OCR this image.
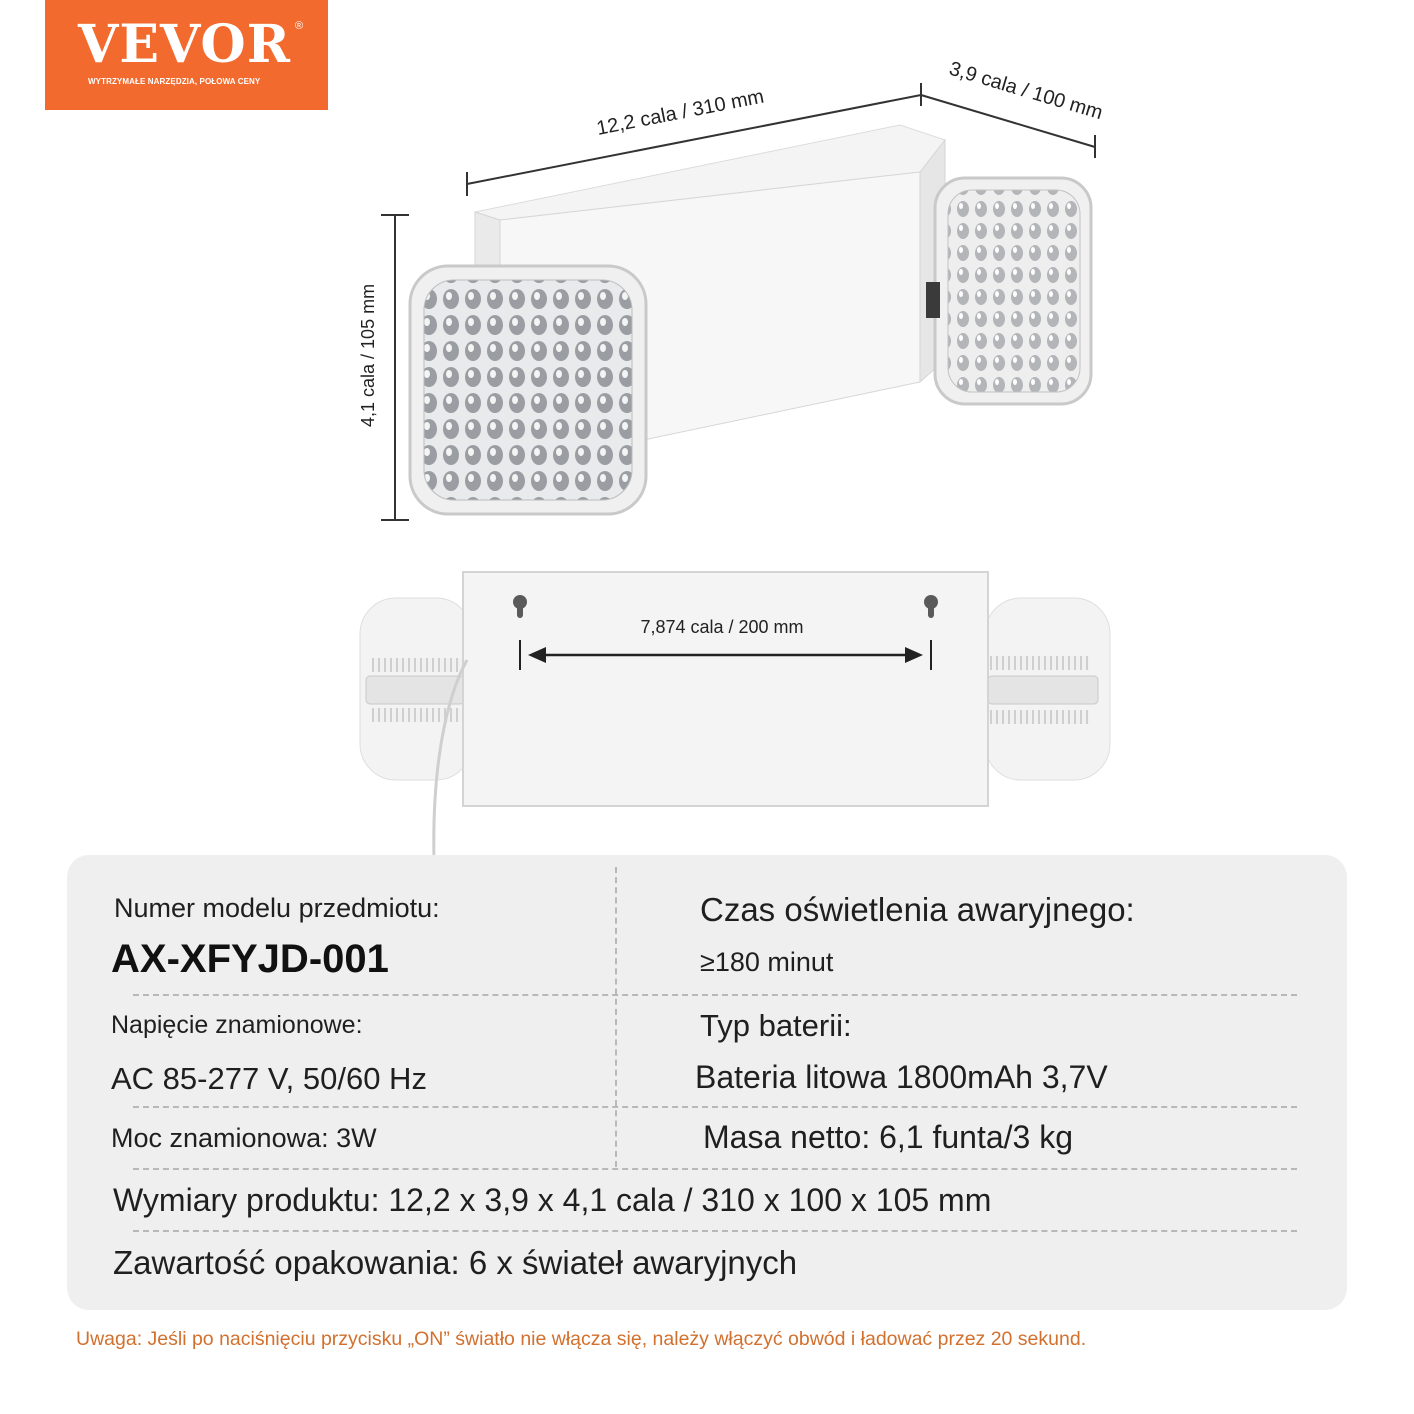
VEVOR ®
WYTRZYMAŁE NARZĘDZIA, POŁOWA CENY
12,2 cala / 310 mm	3,9 cala / 100 mm
4,1 cala / 105 mm
7,874 cala / 200 mm
Numer modelu przedmiotu:
AX-XFYJD-001
Czas oświetlenia awaryjnego:
≥180 minut
Napięcie znamionowe:
AC 85-277 V, 50/60 Hz
Typ baterii:
Bateria litowa 1800mAh 3,7V
Moc znamionowa: 3W	Masa netto: 6,1 funta/3 kg
Wymiary produktu: 12,2 x 3,9 x 4,1 cala / 310 x 100 x 105 mm
Zawartość opakowania: 6 x świateł awaryjnych
Uwaga: Jeśli po naciśnięciu przycisku „ON” światło nie włącza się, należy włączyć obwód i ładować przez 20 sekund.
